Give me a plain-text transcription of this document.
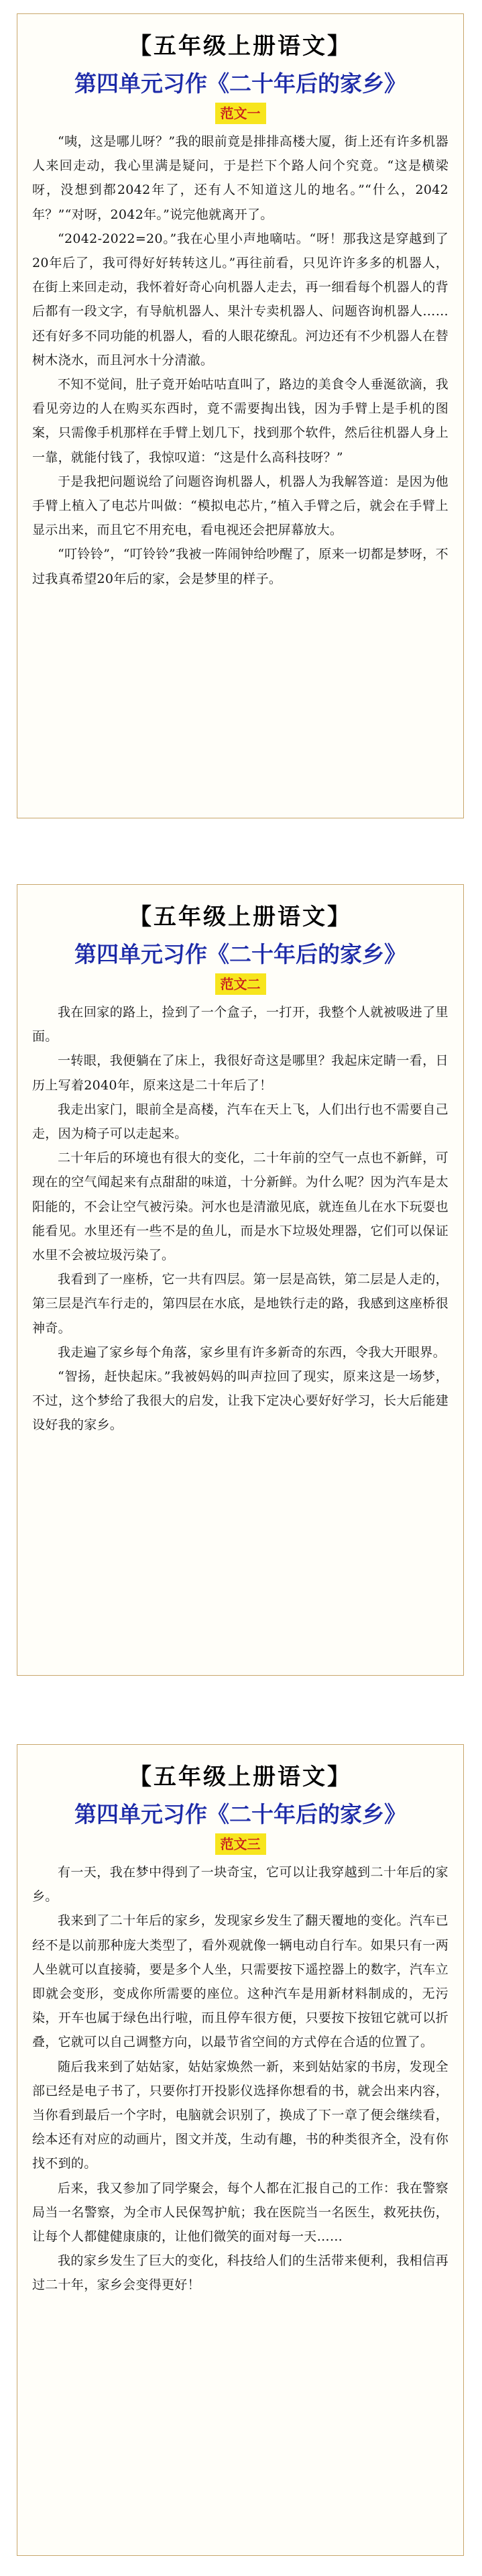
【五年级上册语文】
第四单元习作《二十年后的家乡》
范文一

“咦，这是哪儿呀？”我的眼前竟是排排高楼大厦，街上还有许多机器人来回走动，我心里满是疑问，于是拦下个路人问个究竟。“这是横梁呀，没想到都2042年了，还有人不知道这儿的地名。”“什么，2042年？”“对呀，2042年。”说完他就离开了。

“2042-2022=20。”我在心里小声地嘀咕。“呀！那我这是穿越到了20年后了，我可得好好转转这儿。”再往前看，只见许许多多的机器人，在街上来回走动，我怀着好奇心向机器人走去，再一细看每个机器人的背后都有一段文字，有导航机器人、果汁专卖机器人、问题咨询机器人……还有好多不同功能的机器人，看的人眼花缭乱。河边还有不少机器人在替树木浇水，而且河水十分清澈。

不知不觉间，肚子竟开始咕咕直叫了，路边的美食令人垂涎欲滴，我看见旁边的人在购买东西时，竟不需要掏出钱，因为手臂上是手机的图案，只需像手机那样在手臂上划几下，找到那个软件，然后往机器人身上一靠，就能付钱了，我惊叹道：“这是什么高科技呀？”

于是我把问题说给了问题咨询机器人，机器人为我解答道：是因为他手臂上植入了电芯片叫做：“模拟电芯片，”植入手臂之后，就会在手臂上显示出来，而且它不用充电，看电视还会把屏幕放大。

“叮铃铃”，“叮铃铃”我被一阵闹钟给吵醒了，原来一切都是梦呀，不过我真希望20年后的家，会是梦里的样子。

【五年级上册语文】
第四单元习作《二十年后的家乡》
范文二

我在回家的路上，捡到了一个盒子，一打开，我整个人就被吸进了里面。

一转眼，我便躺在了床上，我很好奇这是哪里？我起床定睛一看，日历上写着2040年，原来这是二十年后了！

我走出家门，眼前全是高楼，汽车在天上飞，人们出行也不需要自己走，因为椅子可以走起来。

二十年后的环境也有很大的变化，二十年前的空气一点也不新鲜，可现在的空气闻起来有点甜甜的味道，十分新鲜。为什么呢？因为汽车是太阳能的，不会让空气被污染。河水也是清澈见底，就连鱼儿在水下玩耍也能看见。水里还有一些不是的鱼儿，而是水下垃圾处理器，它们可以保证水里不会被垃圾污染了。

我看到了一座桥，它一共有四层。第一层是高铁，第二层是人走的，第三层是汽车行走的，第四层在水底，是地铁行走的路，我感到这座桥很神奇。

我走遍了家乡每个角落，家乡里有许多新奇的东西，令我大开眼界。

“智扬，赶快起床。”我被妈妈的叫声拉回了现实，原来这是一场梦，不过，这个梦给了我很大的启发，让我下定决心要好好学习，长大后能建设好我的家乡。

【五年级上册语文】
第四单元习作《二十年后的家乡》
范文三

有一天，我在梦中得到了一块奇宝，它可以让我穿越到二十年后的家乡。

我来到了二十年后的家乡，发现家乡发生了翻天覆地的变化。汽车已经不是以前那种庞大类型了，看外观就像一辆电动自行车。如果只有一两人坐就可以直接骑，要是多个人坐，只需要按下遥控器上的数字，汽车立即就会变形，变成你所需要的座位。这种汽车是用新材料制成的，无污染，开车也属于绿色出行啦，而且停车很方便，只要按下按钮它就可以折叠，它就可以自己调整方向，以最节省空间的方式停在合适的位置了。

随后我来到了姑姑家，姑姑家焕然一新，来到姑姑家的书房，发现全部已经是电子书了，只要你打开投影仪选择你想看的书，就会出来内容，当你看到最后一个字时，电脑就会识别了，换成了下一章了便会继续看，绘本还有对应的动画片，图文并茂，生动有趣，书的种类很齐全，没有你找不到的。

后来，我又参加了同学聚会，每个人都在汇报自己的工作：我在警察局当一名警察，为全市人民保驾护航；我在医院当一名医生，救死扶伤，让每个人都健健康康的，让他们微笑的面对每一天……

我的家乡发生了巨大的变化，科技给人们的生活带来便利，我相信再过二十年，家乡会变得更好！
